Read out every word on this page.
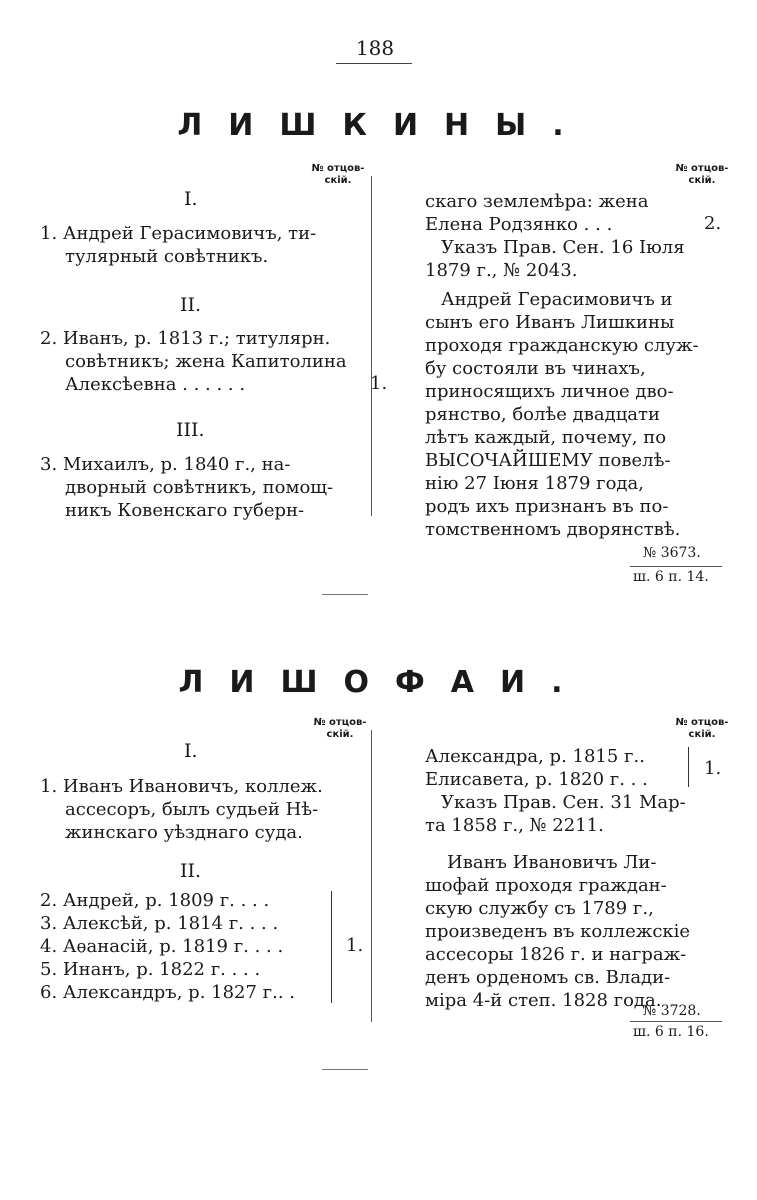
188
ЛИШКИНЫ.
№ отцов-
скій.
№ отцов-
скій.
I.
1. Андрей Герасимовичъ, ти-
тулярный совѣтникъ.
II.
2. Иванъ, р. 1813 г.; титулярн.
совѣтникъ; жена Капитолина
Алексѣевна . . . . . .	1.
III.
3. Михаилъ, р. 1840 г., на-
дворный совѣтникъ, помощ-
никъ Ковенскаго губерн-
скаго землемѣра: жена
Елена Родзянко . . .	2.
Указъ Прав. Сен. 16 Іюля
1879 г., № 2043.
Андрей Герасимовичъ и
сынъ его Иванъ Лишкины
проходя гражданскую служ-
бу состояли въ чинахъ,
приносящихъ личное дво-
рянство, болѣе двадцати
лѣтъ каждый, почему, по
ВЫСОЧАЙШЕМУ повелѣ-
нію 27 Іюня 1879 года,
родъ ихъ признанъ въ по-
томственномъ дворянствѣ.
№ 3673.
ш. 6 п. 14.
ЛИШОФАИ.
№ отцов-
скій.
№ отцов-
скій.
I.
1. Иванъ Ивановичъ, коллеж.
ассесоръ, былъ судьей Нѣ-
жинскаго уѣзднаго суда.
II.
2. Андрей, р. 1809 г. . . .
3. Алексѣй, р. 1814 г. . . .
4. Аѳанасій, р. 1819 г. . . .
5. Инанъ, р. 1822 г. . . .
6. Александръ, р. 1827 г.. .
1.
Александра, р. 1815 г..
Елисавета, р. 1820 г. . .
1.
Указъ Прав. Сен. 31 Мар-
та 1858 г., № 2211.
Иванъ Ивановичъ Ли-
шофай проходя граждан-
скую службу съ 1789 г.,
произведенъ въ коллежскіе
ассесоры 1826 г. и награж-
денъ орденомъ св. Влади-
міра 4-й степ. 1828 года.
№ 3728.
ш. 6 п. 16.
